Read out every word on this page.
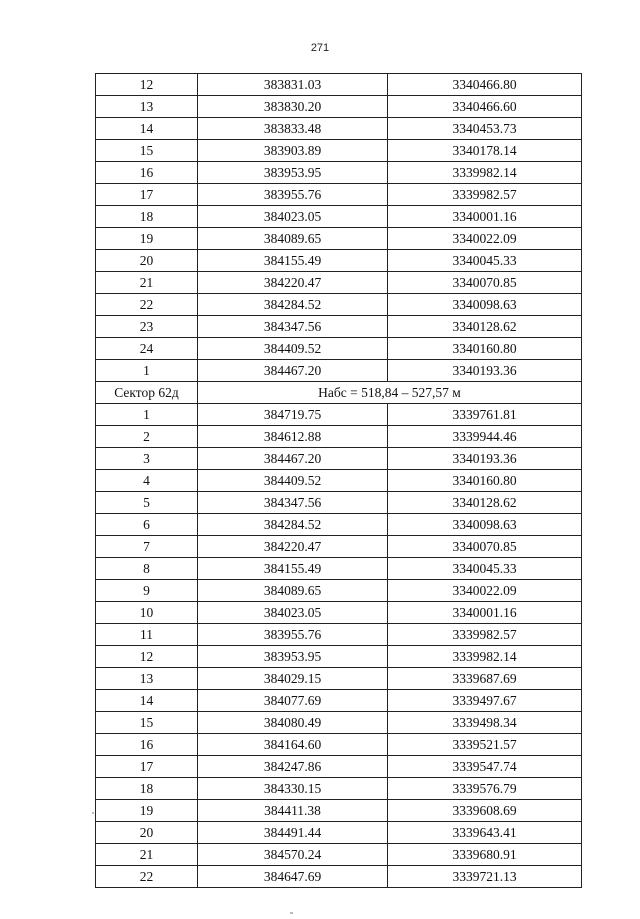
271
12	383831.03	3340466.80
13	383830.20	3340466.60
14	383833.48	3340453.73
15	383903.89	3340178.14
16	383953.95	3339982.14
17	383955.76	3339982.57
18	384023.05	3340001.16
19	384089.65	3340022.09
20	384155.49	3340045.33
21	384220.47	3340070.85
22	384284.52	3340098.63
23	384347.56	3340128.62
24	384409.52	3340160.80
1	384467.20	3340193.36
Сектор 62д	Набс = 518,84 – 527,57 м	
1	384719.75	3339761.81
2	384612.88	3339944.46
3	384467.20	3340193.36
4	384409.52	3340160.80
5	384347.56	3340128.62
6	384284.52	3340098.63
7	384220.47	3340070.85
8	384155.49	3340045.33
9	384089.65	3340022.09
10	384023.05	3340001.16
11	383955.76	3339982.57
12	383953.95	3339982.14
13	384029.15	3339687.69
14	384077.69	3339497.67
15	384080.49	3339498.34
16	384164.60	3339521.57
17	384247.86	3339547.74
18	384330.15	3339576.79
19	384411.38	3339608.69
20	384491.44	3339643.41
21	384570.24	3339680.91
22	384647.69	3339721.13
